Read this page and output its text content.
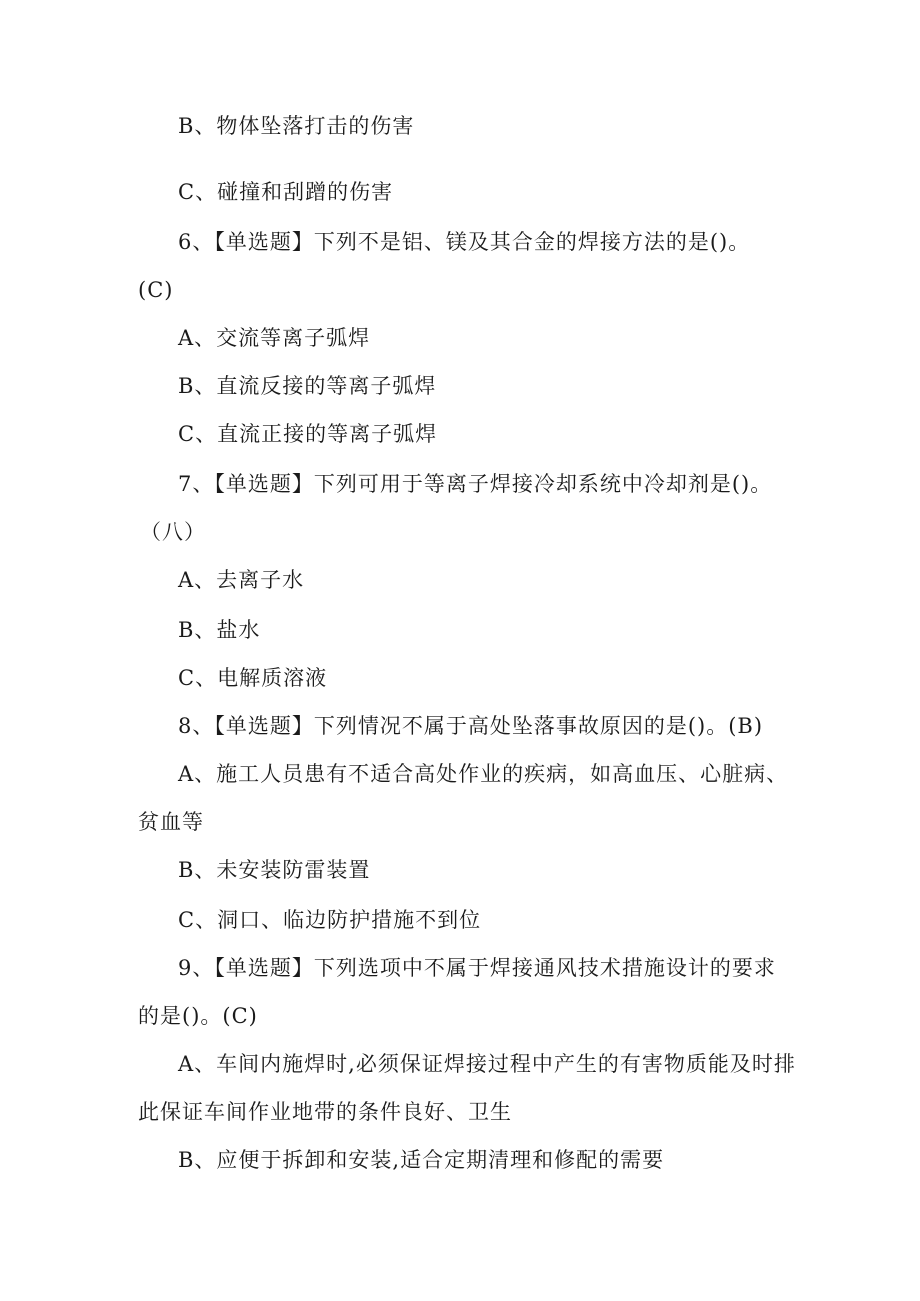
B、物体坠落打击的伤害
C、碰撞和刮蹭的伤害
6、【单选题】下列不是铝、镁及其合金的焊接方法的是()。
(C)
A、交流等离子弧焊
B、直流反接的等离子弧焊
C、直流正接的等离子弧焊
7、【单选题】下列可用于等离子焊接冷却系统中冷却剂是()。
（八）
A、去离子水
B、盐水
C、电解质溶液
8、【单选题】下列情况不属于高处坠落事故原因的是()。(B)
A、施工人员患有不适合高处作业的疾病，如高血压、心脏病、
贫血等
B、未安装防雷装置
C、洞口、临边防护措施不到位
9、【单选题】下列选项中不属于焊接通风技术措施设计的要求
的是()。(C)
A、车间内施焊时,必须保证焊接过程中产生的有害物质能及时排
此保证车间作业地带的条件良好、卫生
B、应便于拆卸和安装,适合定期清理和修配的需要
